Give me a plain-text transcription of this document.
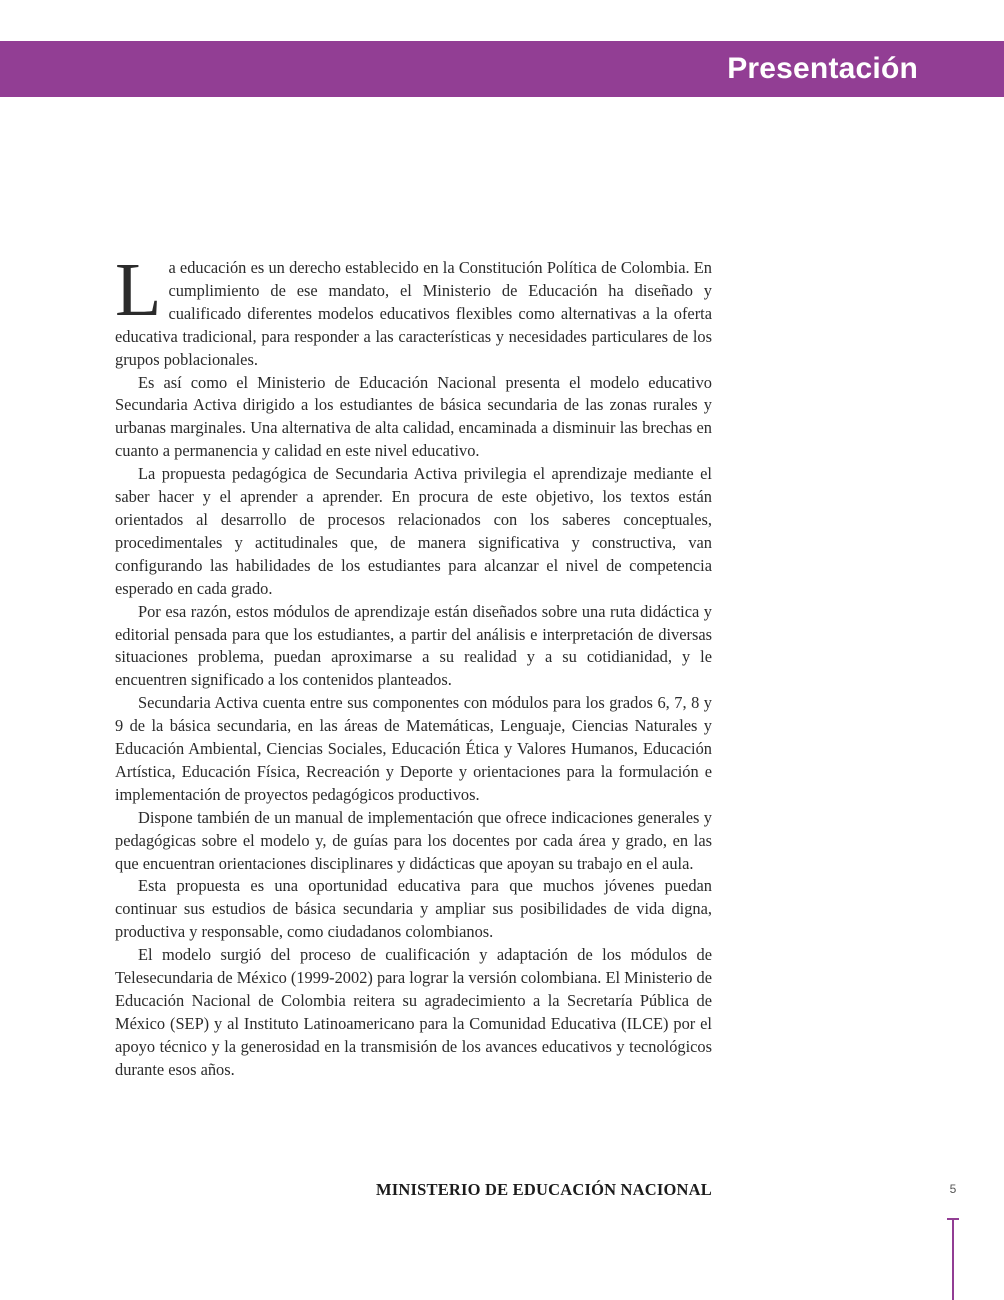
Presentación

La educación es un derecho establecido en la Constitución Política de Colombia. En cumplimiento de ese mandato, el Ministerio de Educación ha diseñado y cualificado diferentes modelos educativos flexibles como alternativas a la oferta educativa tradicional, para responder a las características y necesidades particulares de los grupos poblacionales.

Es así como el Ministerio de Educación Nacional presenta el modelo educativo Secundaria Activa dirigido a los estudiantes de básica secundaria de las zonas rurales y urbanas marginales. Una alternativa de alta calidad, encaminada a disminuir las brechas en cuanto a permanencia y calidad en este nivel educativo.

La propuesta pedagógica de Secundaria Activa privilegia el aprendizaje mediante el saber hacer y el aprender a aprender. En procura de este objetivo, los textos están orientados al desarrollo de procesos relacionados con los saberes conceptuales, procedimentales y actitudinales que, de manera significativa y constructiva, van configurando las habilidades de los estudiantes para alcanzar el nivel de competencia esperado en cada grado.

Por esa razón, estos módulos de aprendizaje están diseñados sobre una ruta didáctica y editorial pensada para que los estudiantes, a partir del análisis e interpretación de diversas situaciones problema, puedan aproximarse a su realidad y a su cotidianidad, y le encuentren significado a los contenidos planteados.

Secundaria Activa cuenta entre sus componentes con módulos para los grados 6, 7, 8 y 9 de la básica secundaria, en las áreas de Matemáticas, Lenguaje, Ciencias Naturales y Educación Ambiental, Ciencias Sociales, Educación Ética y Valores Humanos, Educación Artística, Educación Física, Recreación y Deporte y orientaciones para la formulación e implementación de proyectos pedagógicos productivos.

Dispone también de un manual de implementación que ofrece indicaciones generales y pedagógicas sobre el modelo y, de guías para los docentes por cada área y grado, en las que encuentran orientaciones disciplinares y didácticas que apoyan su trabajo en el aula.

Esta propuesta es una oportunidad educativa para que muchos jóvenes puedan continuar sus estudios de básica secundaria y ampliar sus posibilidades de vida digna, productiva y responsable, como ciudadanos colombianos.

El modelo surgió del proceso de cualificación y adaptación de los módulos de Telesecundaria de México (1999-2002) para lograr la versión colombiana. El Ministerio de Educación Nacional de Colombia reitera su agradecimiento a la Secretaría Pública de México (SEP) y al Instituto Latinoamericano para la Comunidad Educativa (ILCE) por el apoyo técnico y la generosidad en la transmisión de los avances educativos y tecnológicos durante esos años.

MINISTERIO DE EDUCACIÓN NACIONAL	5
